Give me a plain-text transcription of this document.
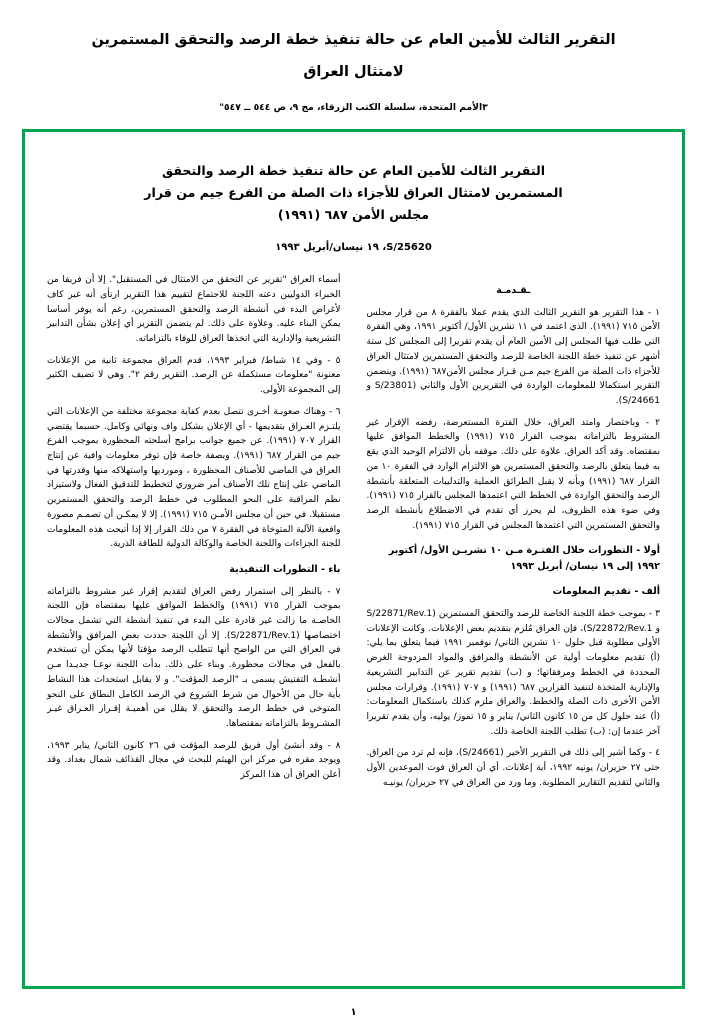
التقرير الثالث للأمين العام عن حالة تنفيذ خطة الرصد والتحقق المستمرين
لامتثال العراق
٣الأمم المتحدة، سلسلة الكتب الزرقاء، مج ٩، ص ٥٤٤ ــ ٥٤٧"
التقرير الثالث للأمين العام عن حالة تنفيذ خطة الرصد والتحقق
المستمرين لامتثال العراق للأجزاء ذات الصلة من الفرع جيم من قرار
مجلس الأمن ٦٨٧ (١٩٩١)
S/25620، ١٩ نيسان/أبريل ١٩٩٣
ـقـدمـة

١ - هذا التقرير هو التقرير الثالث الذي يقدم عملا بالفقرة ٨ من قرار مجلس الأمن ٧١٥ (١٩٩١). الذي اعتمد في ١١ تشرين الأول/ أكتوبر ١٩٩١، وهي الفقرة التي طلب فيها المجلس إلى الأمين العام أن يقدم تقريرا إلى المجلس كل ستة أشهر عن تنفيذ خطة اللجنة الخاصة للرصد والتحقق المستمرين لامتثال العراق للأجزاء ذات الصلة من الفرع جيم مـن قـرار مجلس الأمن٦٨٧ (١٩٩١). ويتضمن التقرير استكمالا للمعلومات الواردة في التقريرين الأول والثاني (S/23801 و S/24661).

٢ - وباختصار وامتد العراق، خلال الفترة المستعرضة، رفضه الإقرار غير المشروط بالتزاماته بموجب القرار ٧١٥ (١٩٩١) والخطط الموافق عليها بمقتضاه. وقد أكد العراق. علاوة على ذلك. موقفه بأن الالتزام الوحيد الذي يقع به فيما يتعلق بالرصد والتحقق المستمرين هو الالتزام الوارد في الفقرة ١٠ من القرار ٦٨٧ (١٩٩١) وبأنه لا يقبل الطرائق العملية والتدليبات المتعلقة بأنشطة الرصد والتحقق الواردة في الخطط التي اعتمدها المجلس بالقرار ٧١٥ (١٩٩١). وفي ضوء هذه الظروف، لم يحرز أي تقدم في الاضطلاع بأنشطة الرصد والتحقق المستمرين التي اعتمدها المجلس في القرار ٧١٥ (١٩٩١).

أولا - التطورات خلال الفتـرة مـن ١٠ تشريـن الأول/ أكتوبر ١٩٩٢ إلى ١٩ نيسان/ أبريل ١٩٩٣
ألف - تقديم المعلومات

٣ - بموجب خطة اللجنة الخاصة للرصد والتحقق المستمرين (S/22871/Rev.1 و S/22872/Rev.1)، فإن العراق مُلزم بتقديم بعض الإعلانات. وكانت الإعلانات الأولى مطلوبة قبل حلول ١٠ تشرين الثاني/ نوفمبر ١٩٩١ فيما يتعلق بما يلي: (أ) تقديم معلومات أولية عن الأنشطة والمرافق والمواد المزدوجة الغرض المحددة في الخطط ومرفقاتها؛ و (ب) تقديم تقرير عن التدابير التشريعية والإدارية المتخذة لتنفيذ القرارين ٦٨٧ (١٩٩١) و ٧٠٧ (١٩٩١). وقرارات مجلس الأمن الأخرى ذات الصلة والخطط. والعراق ملزم كذلك باستكمال المعلومات: (أ) عند حلول كل من ١٥ كانون الثاني/ يناير و ١٥ تموز/ يوليه، وأن يقدم تقريرا آخر عندما إن: (ب) تطلب اللجنة الخاصة ذلك.

٤ - وكما أشير إلى ذلك في التقرير الأخير (S/24661)، فإنه لم ترد من العراق. حتى ٢٧ حزيران/ يونيه ١٩٩٢، أية إعلانات. أي أن العراق فوت الموعدين الأول والثاني لتقديم التقارير المطلوبة. وما ورد من العراق في ٢٧ حزيران/ يونيـه

أسماء العراق "تقرير عن التحقق من الامتثال في المستقبل". إلا أن فريقا من الخبراء الدوليين دعته اللجنة للاجتماع لتقييم هذا التقرير ارتأى أنه غير كاف لأغراض البدء في أنشطة الرصد والتحقق المستمرين، رغم أنه يوفر أساسا يمكن البناء عليه. وعلاوة على ذلك. لم يتضمن التقرير أي إعلان بشأن التدابير التشريعية والإدارية التي اتخذها العراق للوفاء بالتزاماته.

٥ - وفي ١٤ شباط/ فبراير ١٩٩٣، قدم العراق مجموعة ثانية من الإعلانات معنونة "معلومات مستكملة عن الرصد. التقرير رقم ٢". وهي لا تضيف الكثير إلى المجموعة الأولى.

٦ - وهناك صعوبـة أخـرى تتصل بعدم كفاية مجموعة مختلفة من الإعلانات التي يلتـزم العـراق بتقديمها - أي الإعلان بشكل واف ونهائي وكامل. حسبما يقتضي القرار ٧٠٧ (١٩٩١). عن جميع جوانب برامج أسلحته المحظورة بموجب الفرع جيم من القرار ٦٨٧ (١٩٩١). وبصفة خاصة فإن توفر معلومات وافية عن إنتاج العراق في الماضي للأصناف المحظورة ، ومورديها واستهلاكه منها وقدرتها في الماضي على إنتاج تلك الأصناف أمر ضروري لتخطيط للتدقيق الفعال ولاستيراد نظم المراقبة على النحو المطلوب في خطط الرصد والتحقق المستمرين مستقبلا. في حين أن مجلس الأمـن ٧١٥ (١٩٩١). إلا لا يمكـن أن تصمـم مصورة واقعية الآلية المتوخاة في الفقرة ٧ من ذلك القرار إلا إذا أتيحت هذه المعلومات للجنة الجزاءات واللجنة الخاصة والوكالة الدولية للطاقة الذرية.

باء - التطورات التنفيذية

٧ - بالنظر إلى استمرار رفض العراق لتقديم إقرار غير مشروط بالتزاماته بموجب القرار ٧١٥ (١٩٩١) والخطط الموافق عليها بمقتضاه فإن اللجنة الخاصـة ما زالت غير قادرة على البدء في تنفيذ أنشطة التي تشمل مجالات اختصاصها (S/22871/Rev.1). إلا أن اللجنة حددت بعض المرافق والأنشطة في العراق التي من الواضح أنها تتطلب الرصد مؤقتا لأنها يمكن أن تستخدم بالفعل في مجالات محظورة. وبناء على ذلك. بدأت اللجنة نوعـا جديـدا مـن أنشطـة التفتيش يسمى بـ "الرصد المؤقت". و لا يقابل استحداث هذا النشاط بأية حال من الأحوال من شرط الشروع في الرصد الكامل النطاق على النحو المتوخى في خطط الرصد والتحقق لا يقلل من أهميـة إقـرار العـراق غيـر المشـروط بالتزاماته بمقتضاها.

٨ - وقد أنشئ أول فريق للرصد المؤقت في ٢٦ كانون الثاني/ يناير ١٩٩٣، ويوجد مقره في مركز ابن الهيثم للبحث في مجال القذائف شمال بغداد. وقد أعلن العراق أن هذا المركز

١
